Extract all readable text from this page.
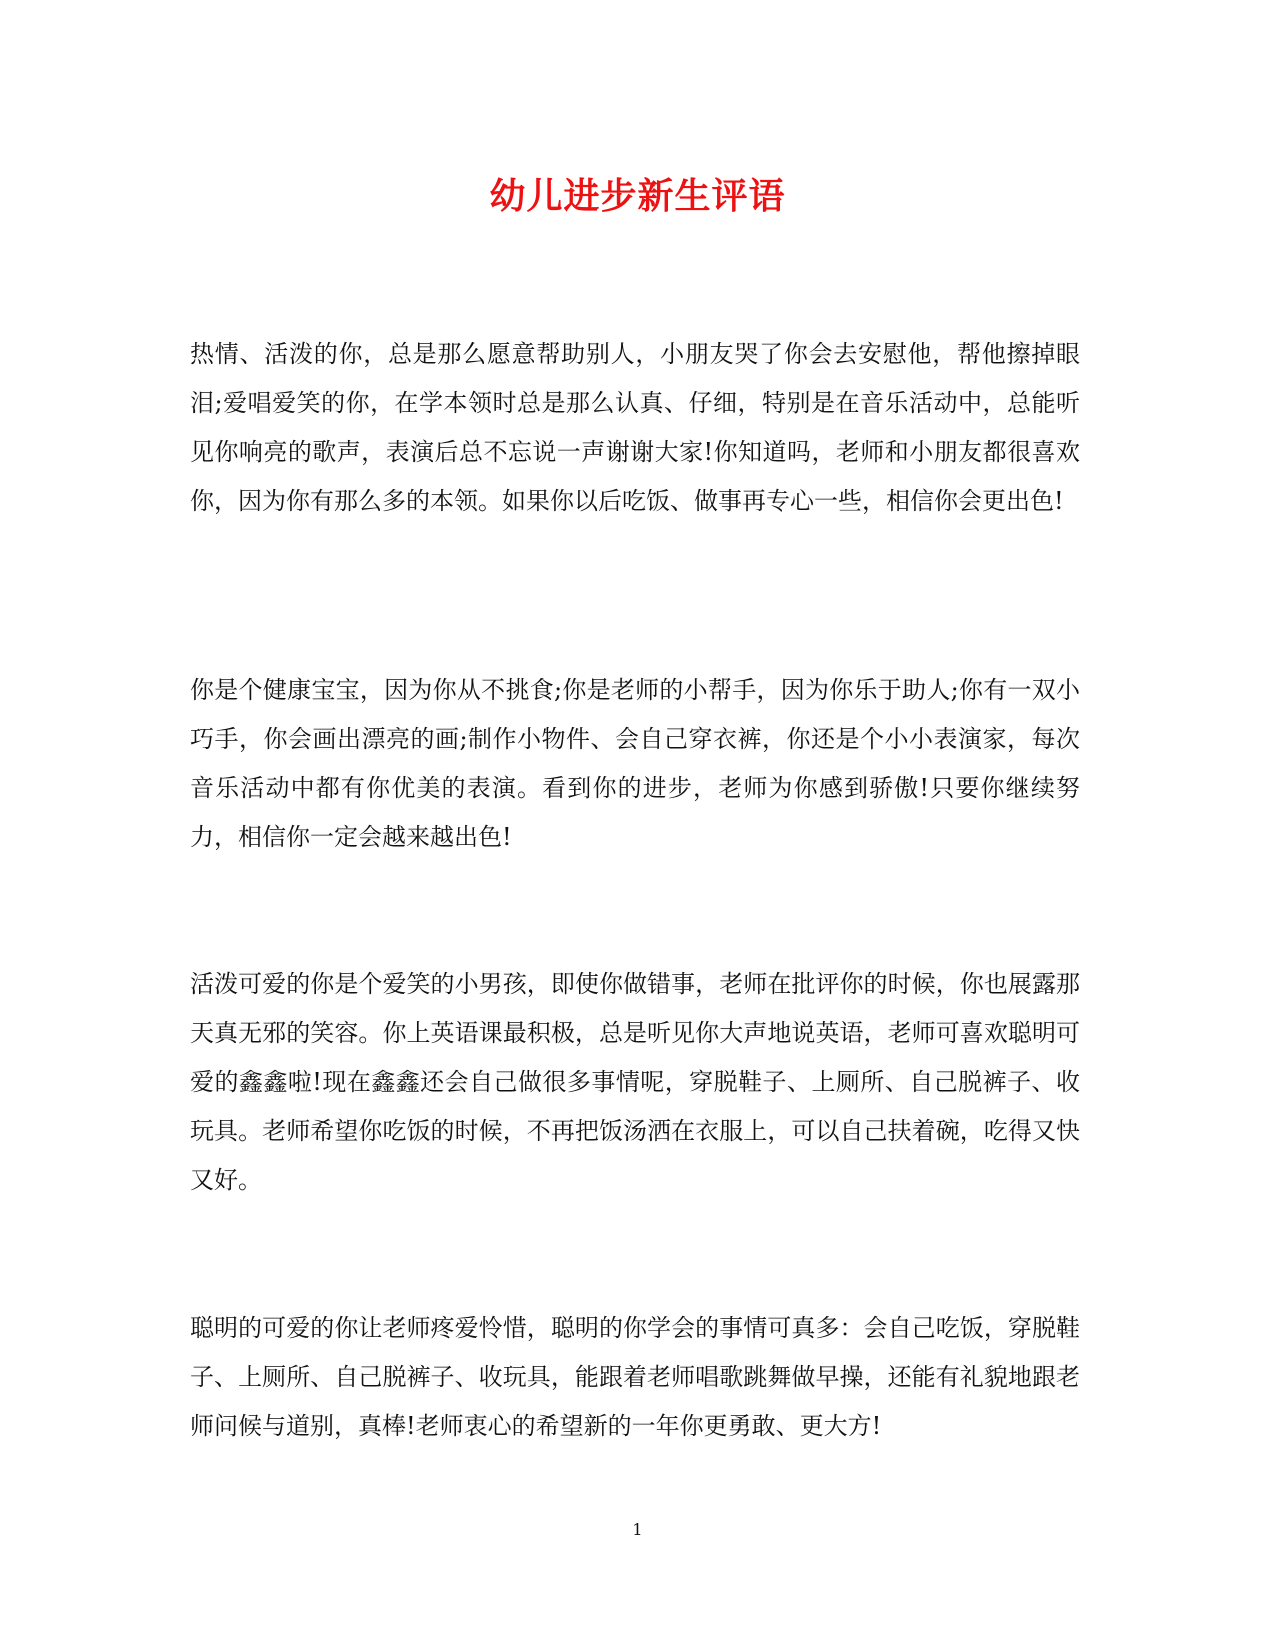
幼儿进步新生评语

热情、活泼的你，总是那么愿意帮助别人，小朋友哭了你会去安慰他，帮他擦掉眼泪;爱唱爱笑的你，在学本领时总是那么认真、仔细，特别是在音乐活动中，总能听见你响亮的歌声，表演后总不忘说一声谢谢大家!你知道吗，老师和小朋友都很喜欢你，因为你有那么多的本领。如果你以后吃饭、做事再专心一些，相信你会更出色!

你是个健康宝宝，因为你从不挑食;你是老师的小帮手，因为你乐于助人;你有一双小巧手，你会画出漂亮的画;制作小物件、会自己穿衣裤，你还是个小小表演家，每次音乐活动中都有你优美的表演。看到你的进步，老师为你感到骄傲!只要你继续努力，相信你一定会越来越出色!

活泼可爱的你是个爱笑的小男孩，即使你做错事，老师在批评你的时候，你也展露那天真无邪的笑容。你上英语课最积极，总是听见你大声地说英语，老师可喜欢聪明可爱的鑫鑫啦!现在鑫鑫还会自己做很多事情呢，穿脱鞋子、上厕所、自己脱裤子、收玩具。老师希望你吃饭的时候，不再把饭汤洒在衣服上，可以自己扶着碗，吃得又快又好。

聪明的可爱的你让老师疼爱怜惜，聪明的你学会的事情可真多：会自己吃饭，穿脱鞋子、上厕所、自己脱裤子、收玩具，能跟着老师唱歌跳舞做早操，还能有礼貌地跟老师问候与道别，真棒!老师衷心的希望新的一年你更勇敢、更大方!

1
